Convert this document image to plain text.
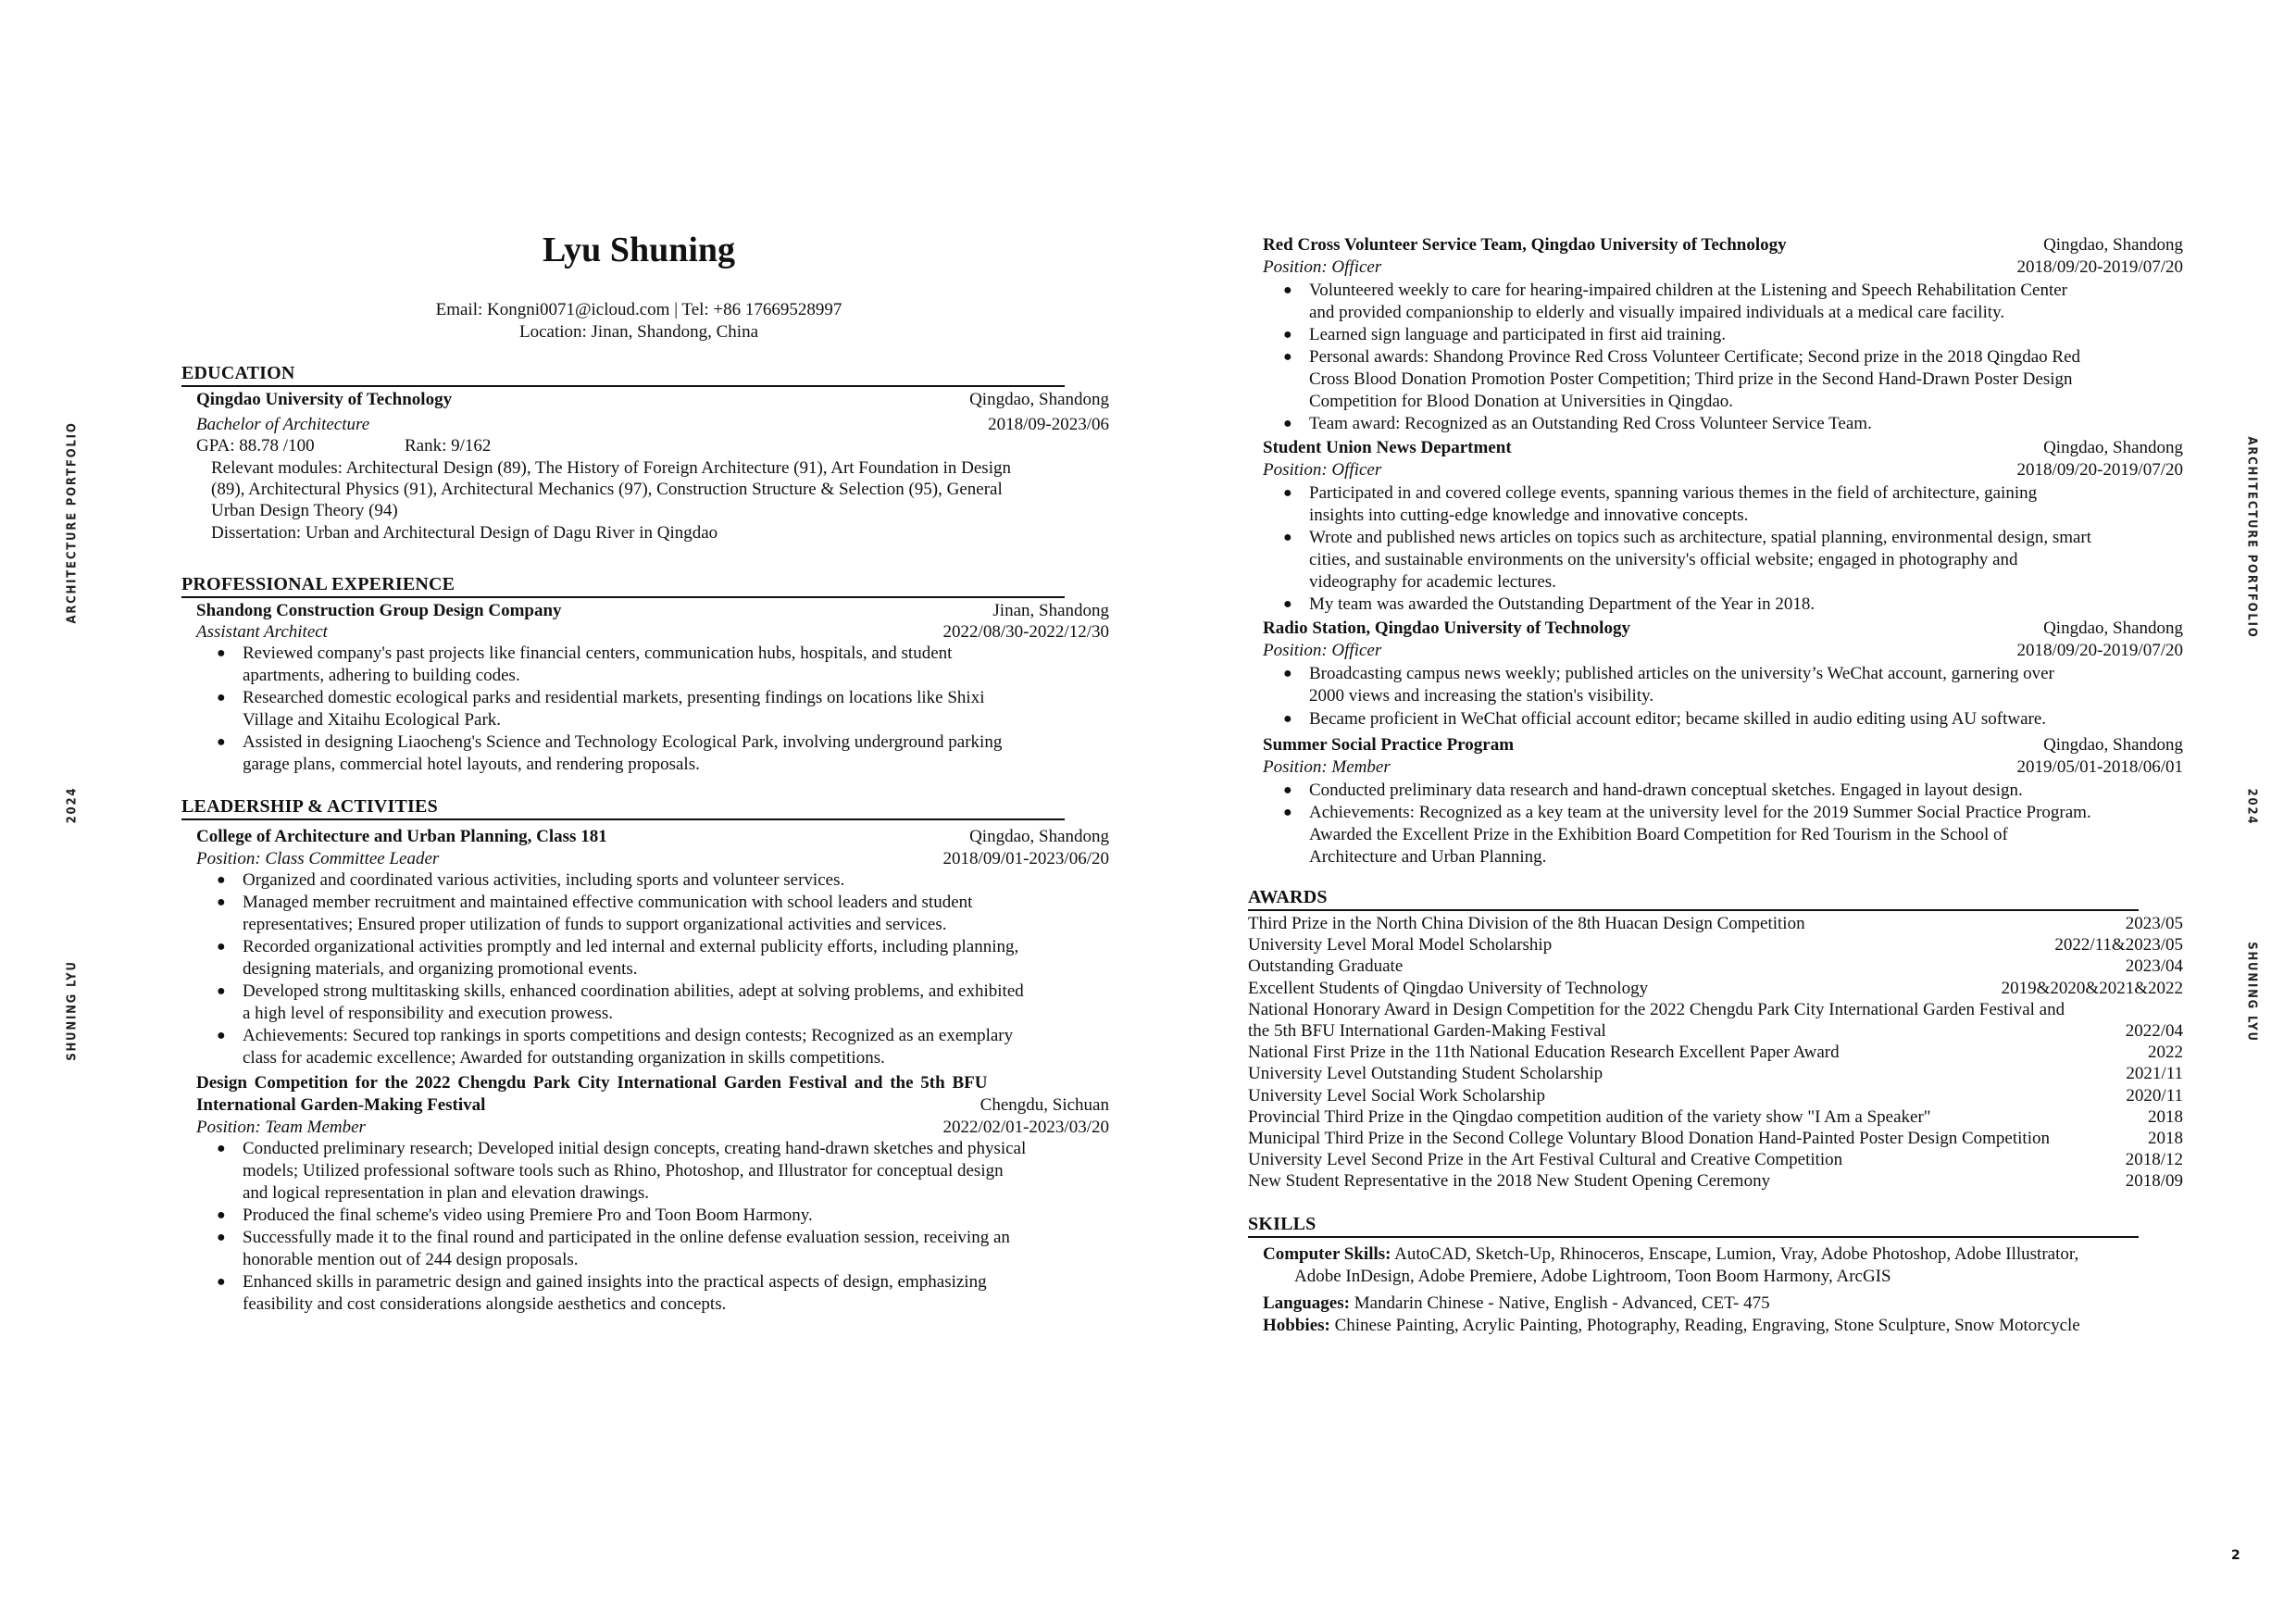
ARCHITECTURE PORTFOLIO
2024
SHUNING LYU
ARCHITECTURE PORTFOLIO
2024
SHUNING LYU
2
Lyu Shuning
Email: Kongni0071@icloud.com | Tel: +86 17669528997
Location: Jinan, Shandong, China
EDUCATION
Qingdao University of Technology	Qingdao, Shandong
Bachelor of Architecture	2018/09-2023/06
GPA: 88.78 /100	Rank: 9/162
Relevant modules: Architectural Design (89), The History of Foreign Architecture (91), Art Foundation in Design
(89), Architectural Physics (91), Architectural Mechanics (97), Construction Structure & Selection (95), General
Urban Design Theory (94)
Dissertation: Urban and Architectural Design of Dagu River in Qingdao
PROFESSIONAL EXPERIENCE
Shandong Construction Group Design Company	Jinan, Shandong
Assistant Architect	2022/08/30-2022/12/30
● Reviewed company's past projects like financial centers, communication hubs, hospitals, and student
apartments, adhering to building codes.
● Researched domestic ecological parks and residential markets, presenting findings on locations like Shixi
Village and Xitaihu Ecological Park.
● Assisted in designing Liaocheng's Science and Technology Ecological Park, involving underground parking
garage plans, commercial hotel layouts, and rendering proposals.
LEADERSHIP & ACTIVITIES
College of Architecture and Urban Planning, Class 181	Qingdao, Shandong
Position: Class Committee Leader	2018/09/01-2023/06/20
● Organized and coordinated various activities, including sports and volunteer services.
● Managed member recruitment and maintained effective communication with school leaders and student
representatives; Ensured proper utilization of funds to support organizational activities and services.
● Recorded organizational activities promptly and led internal and external publicity efforts, including planning,
designing materials, and organizing promotional events.
● Developed strong multitasking skills, enhanced coordination abilities, adept at solving problems, and exhibited
a high level of responsibility and execution prowess.
● Achievements: Secured top rankings in sports competitions and design contests; Recognized as an exemplary
class for academic excellence; Awarded for outstanding organization in skills competitions.
Design Competition for the 2022 Chengdu Park City International Garden Festival and the 5th BFU
International Garden-Making Festival	Chengdu, Sichuan
Position: Team Member	2022/02/01-2023/03/20
● Conducted preliminary research; Developed initial design concepts, creating hand-drawn sketches and physical
models; Utilized professional software tools such as Rhino, Photoshop, and Illustrator for conceptual design
and logical representation in plan and elevation drawings.
● Produced the final scheme's video using Premiere Pro and Toon Boom Harmony.
● Successfully made it to the final round and participated in the online defense evaluation session, receiving an
honorable mention out of 244 design proposals.
● Enhanced skills in parametric design and gained insights into the practical aspects of design, emphasizing
feasibility and cost considerations alongside aesthetics and concepts.
Red Cross Volunteer Service Team, Qingdao University of Technology	Qingdao, Shandong
Position: Officer	2018/09/20-2019/07/20
● Volunteered weekly to care for hearing-impaired children at the Listening and Speech Rehabilitation Center
and provided companionship to elderly and visually impaired individuals at a medical care facility.
● Learned sign language and participated in first aid training.
● Personal awards: Shandong Province Red Cross Volunteer Certificate; Second prize in the 2018 Qingdao Red
Cross Blood Donation Promotion Poster Competition; Third prize in the Second Hand-Drawn Poster Design
Competition for Blood Donation at Universities in Qingdao.
● Team award: Recognized as an Outstanding Red Cross Volunteer Service Team.
Student Union News Department	Qingdao, Shandong
Position: Officer	2018/09/20-2019/07/20
● Participated in and covered college events, spanning various themes in the field of architecture, gaining
insights into cutting-edge knowledge and innovative concepts.
● Wrote and published news articles on topics such as architecture, spatial planning, environmental design, smart
cities, and sustainable environments on the university's official website; engaged in photography and
videography for academic lectures.
● My team was awarded the Outstanding Department of the Year in 2018.
Radio Station, Qingdao University of Technology	Qingdao, Shandong
Position: Officer	2018/09/20-2019/07/20
● Broadcasting campus news weekly; published articles on the university’s WeChat account, garnering over
2000 views and increasing the station's visibility.
● Became proficient in WeChat official account editor; became skilled in audio editing using AU software.
Summer Social Practice Program	Qingdao, Shandong
Position: Member	2019/05/01-2018/06/01
● Conducted preliminary data research and hand-drawn conceptual sketches. Engaged in layout design.
● Achievements: Recognized as a key team at the university level for the 2019 Summer Social Practice Program.
Awarded the Excellent Prize in the Exhibition Board Competition for Red Tourism in the School of
Architecture and Urban Planning.
AWARDS
Third Prize in the North China Division of the 8th Huacan Design Competition	2023/05
University Level Moral Model Scholarship	2022/11&2023/05
Outstanding Graduate	2023/04
Excellent Students of Qingdao University of Technology	2019&2020&2021&2022
National Honorary Award in Design Competition for the 2022 Chengdu Park City International Garden Festival and
the 5th BFU International Garden-Making Festival	2022/04
National First Prize in the 11th National Education Research Excellent Paper Award	2022
University Level Outstanding Student Scholarship	2021/11
University Level Social Work Scholarship	2020/11
Provincial Third Prize in the Qingdao competition audition of the variety show "I Am a Speaker"	2018
Municipal Third Prize in the Second College Voluntary Blood Donation Hand-Painted Poster Design Competition	2018
University Level Second Prize in the Art Festival Cultural and Creative Competition	2018/12
New Student Representative in the 2018 New Student Opening Ceremony	2018/09
SKILLS
Computer Skills: AutoCAD, Sketch-Up, Rhinoceros, Enscape, Lumion, Vray, Adobe Photoshop, Adobe Illustrator,
Adobe InDesign, Adobe Premiere, Adobe Lightroom, Toon Boom Harmony, ArcGIS
Languages: Mandarin Chinese - Native, English - Advanced, CET- 475
Hobbies: Chinese Painting, Acrylic Painting, Photography, Reading, Engraving, Stone Sculpture, Snow Motorcycle
